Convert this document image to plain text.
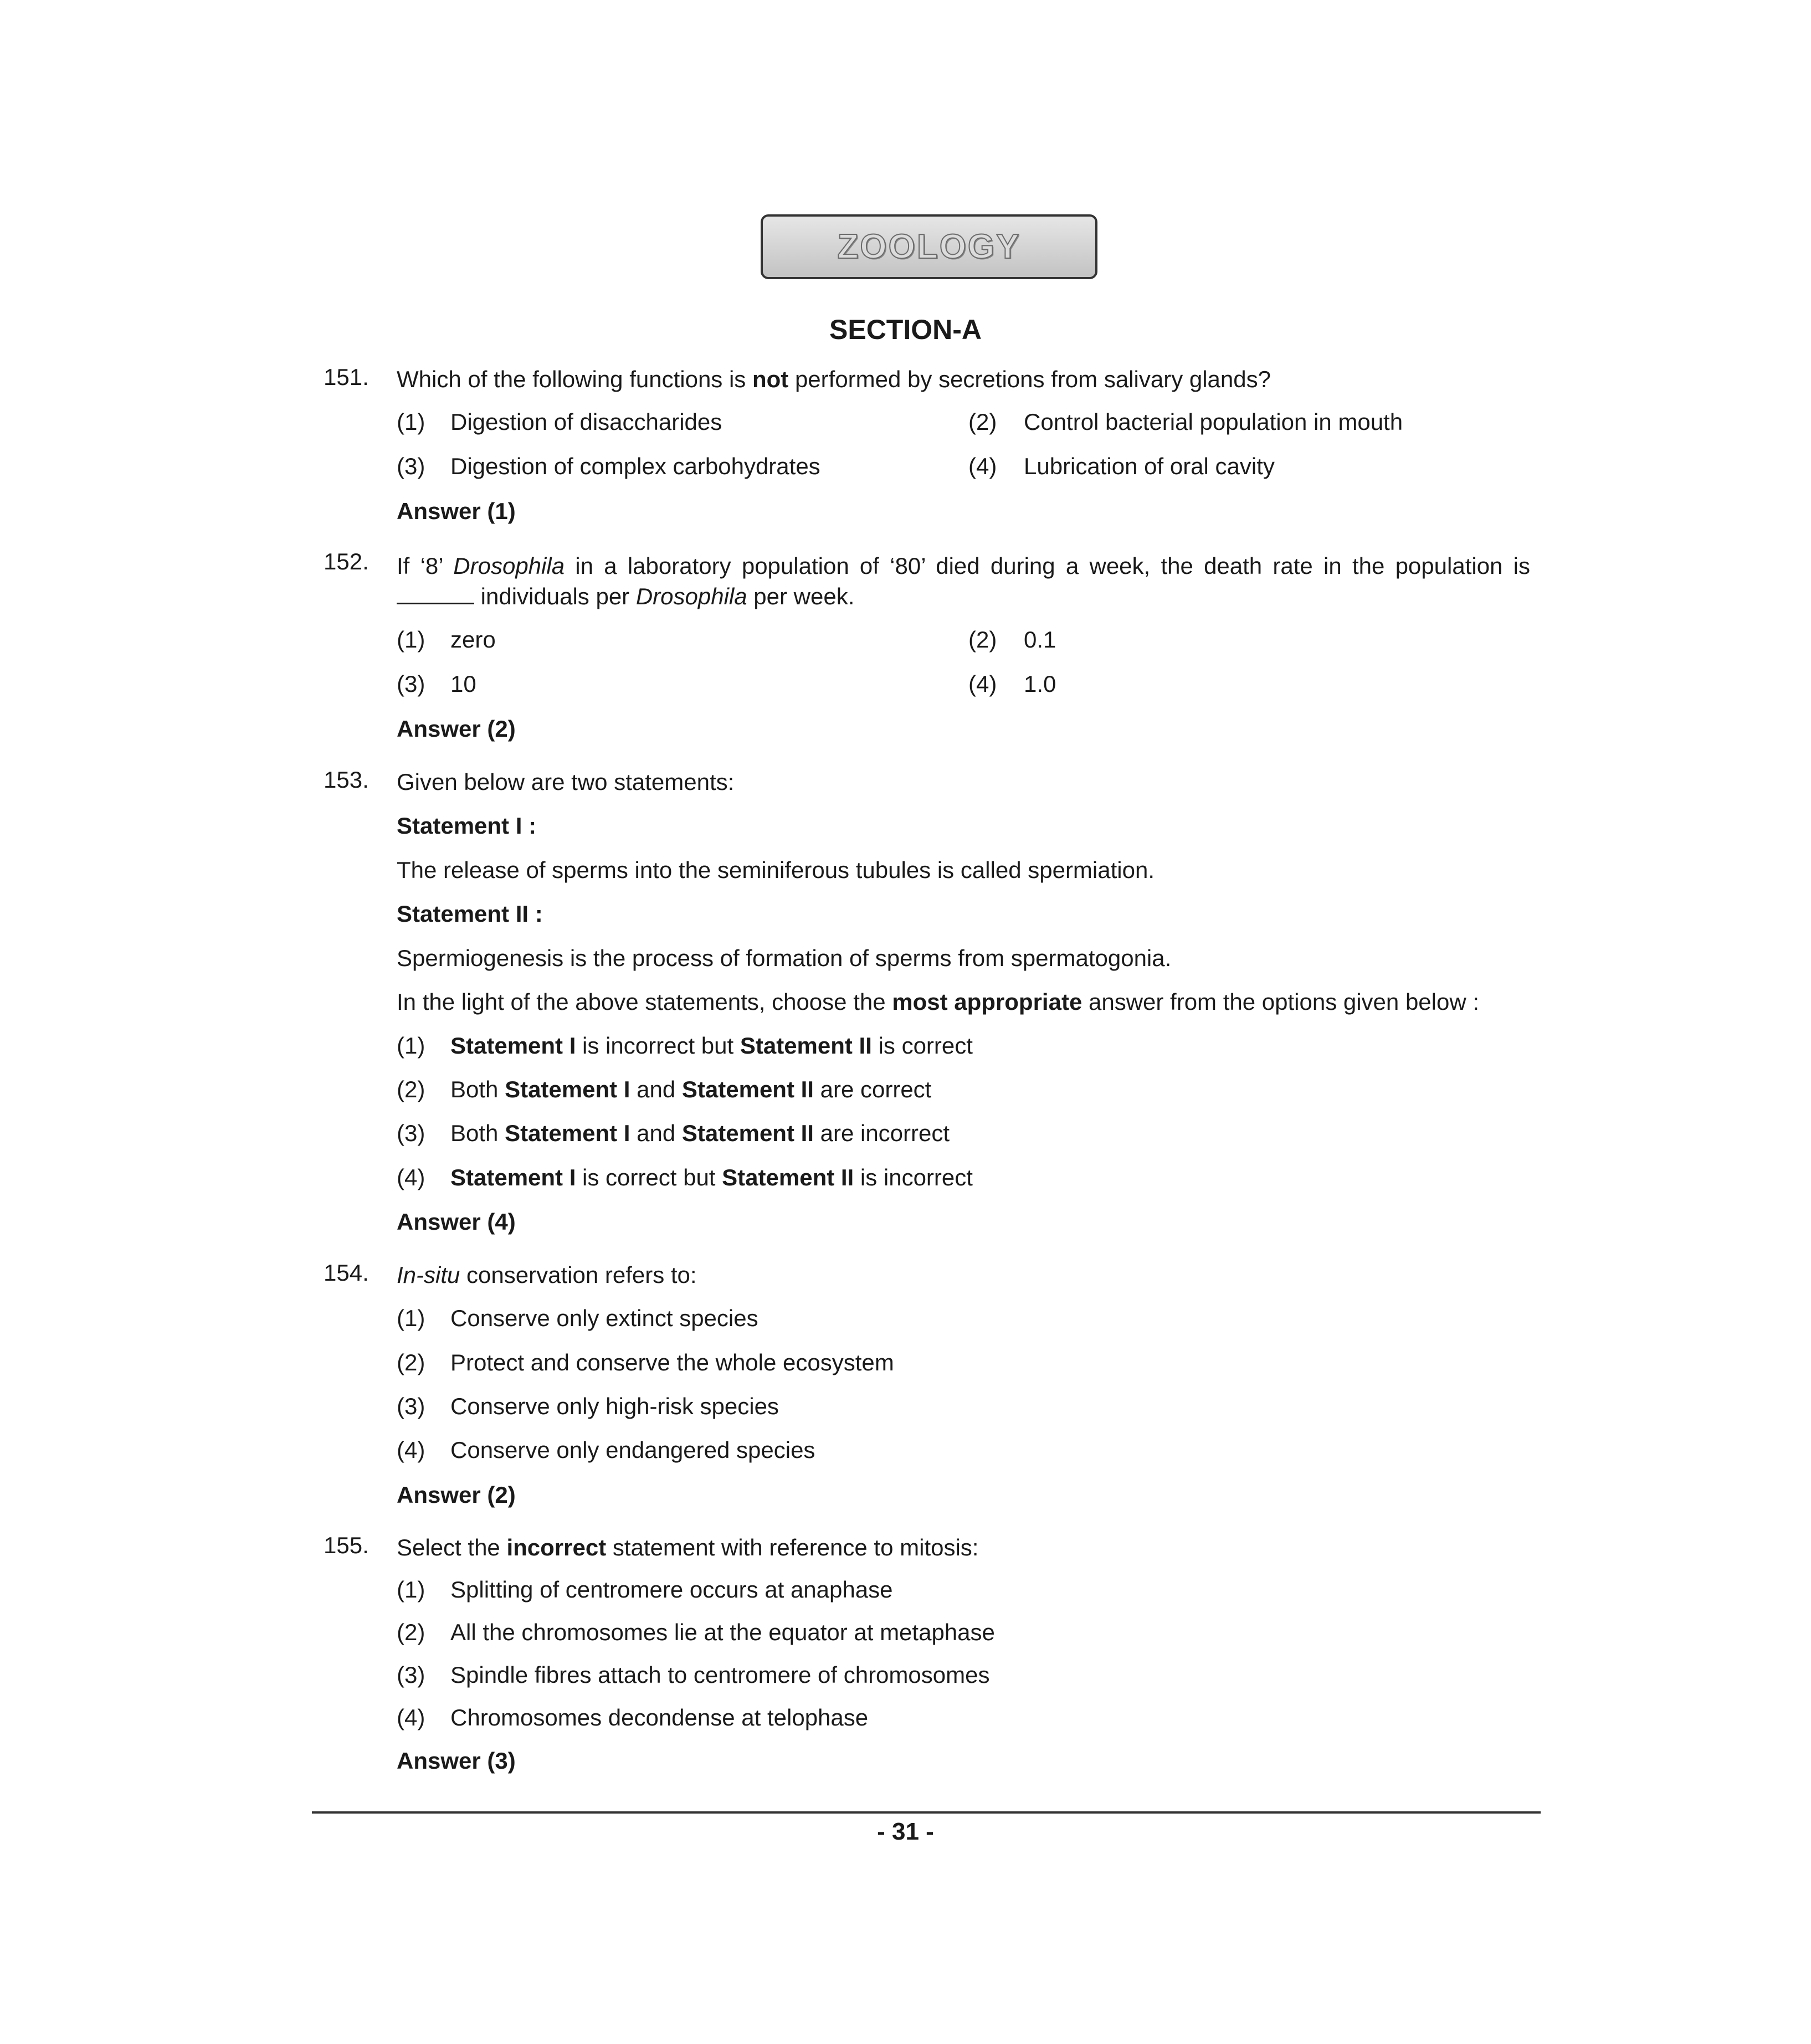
ZOOLOGY
SECTION-A
151.	Which of the following functions is not performed by secretions from salivary glands?
(1)	Digestion of disaccharides	(2)	Control bacterial population in mouth
(3)	Digestion of complex carbohydrates	(4)	Lubrication of oral cavity
Answer (1)
152.	If ‘8’ Drosophila in a laboratory population of ‘80’ died during a week, the death rate in the population is
individuals per Drosophila per week.
(1)	zero	(2)	0.1
(3)	10	(4)	1.0
Answer (2)
153.	Given below are two statements:
Statement I :
The release of sperms into the seminiferous tubules is called spermiation.
Statement II :
Spermiogenesis is the process of formation of sperms from spermatogonia.
In the light of the above statements, choose the most appropriate answer from the options given below :
(1)	Statement I is incorrect but Statement II is correct
(2)	Both Statement I and Statement II are correct
(3)	Both Statement I and Statement II are incorrect
(4)	Statement I is correct but Statement II is incorrect
Answer (4)
154.	In-situ conservation refers to:
(1)	Conserve only extinct species
(2)	Protect and conserve the whole ecosystem
(3)	Conserve only high-risk species
(4)	Conserve only endangered species
Answer (2)
155.	Select the incorrect statement with reference to mitosis:
(1)	Splitting of centromere occurs at anaphase
(2)	All the chromosomes lie at the equator at metaphase
(3)	Spindle fibres attach to centromere of chromosomes
(4)	Chromosomes decondense at telophase
Answer (3)
- 31 -
